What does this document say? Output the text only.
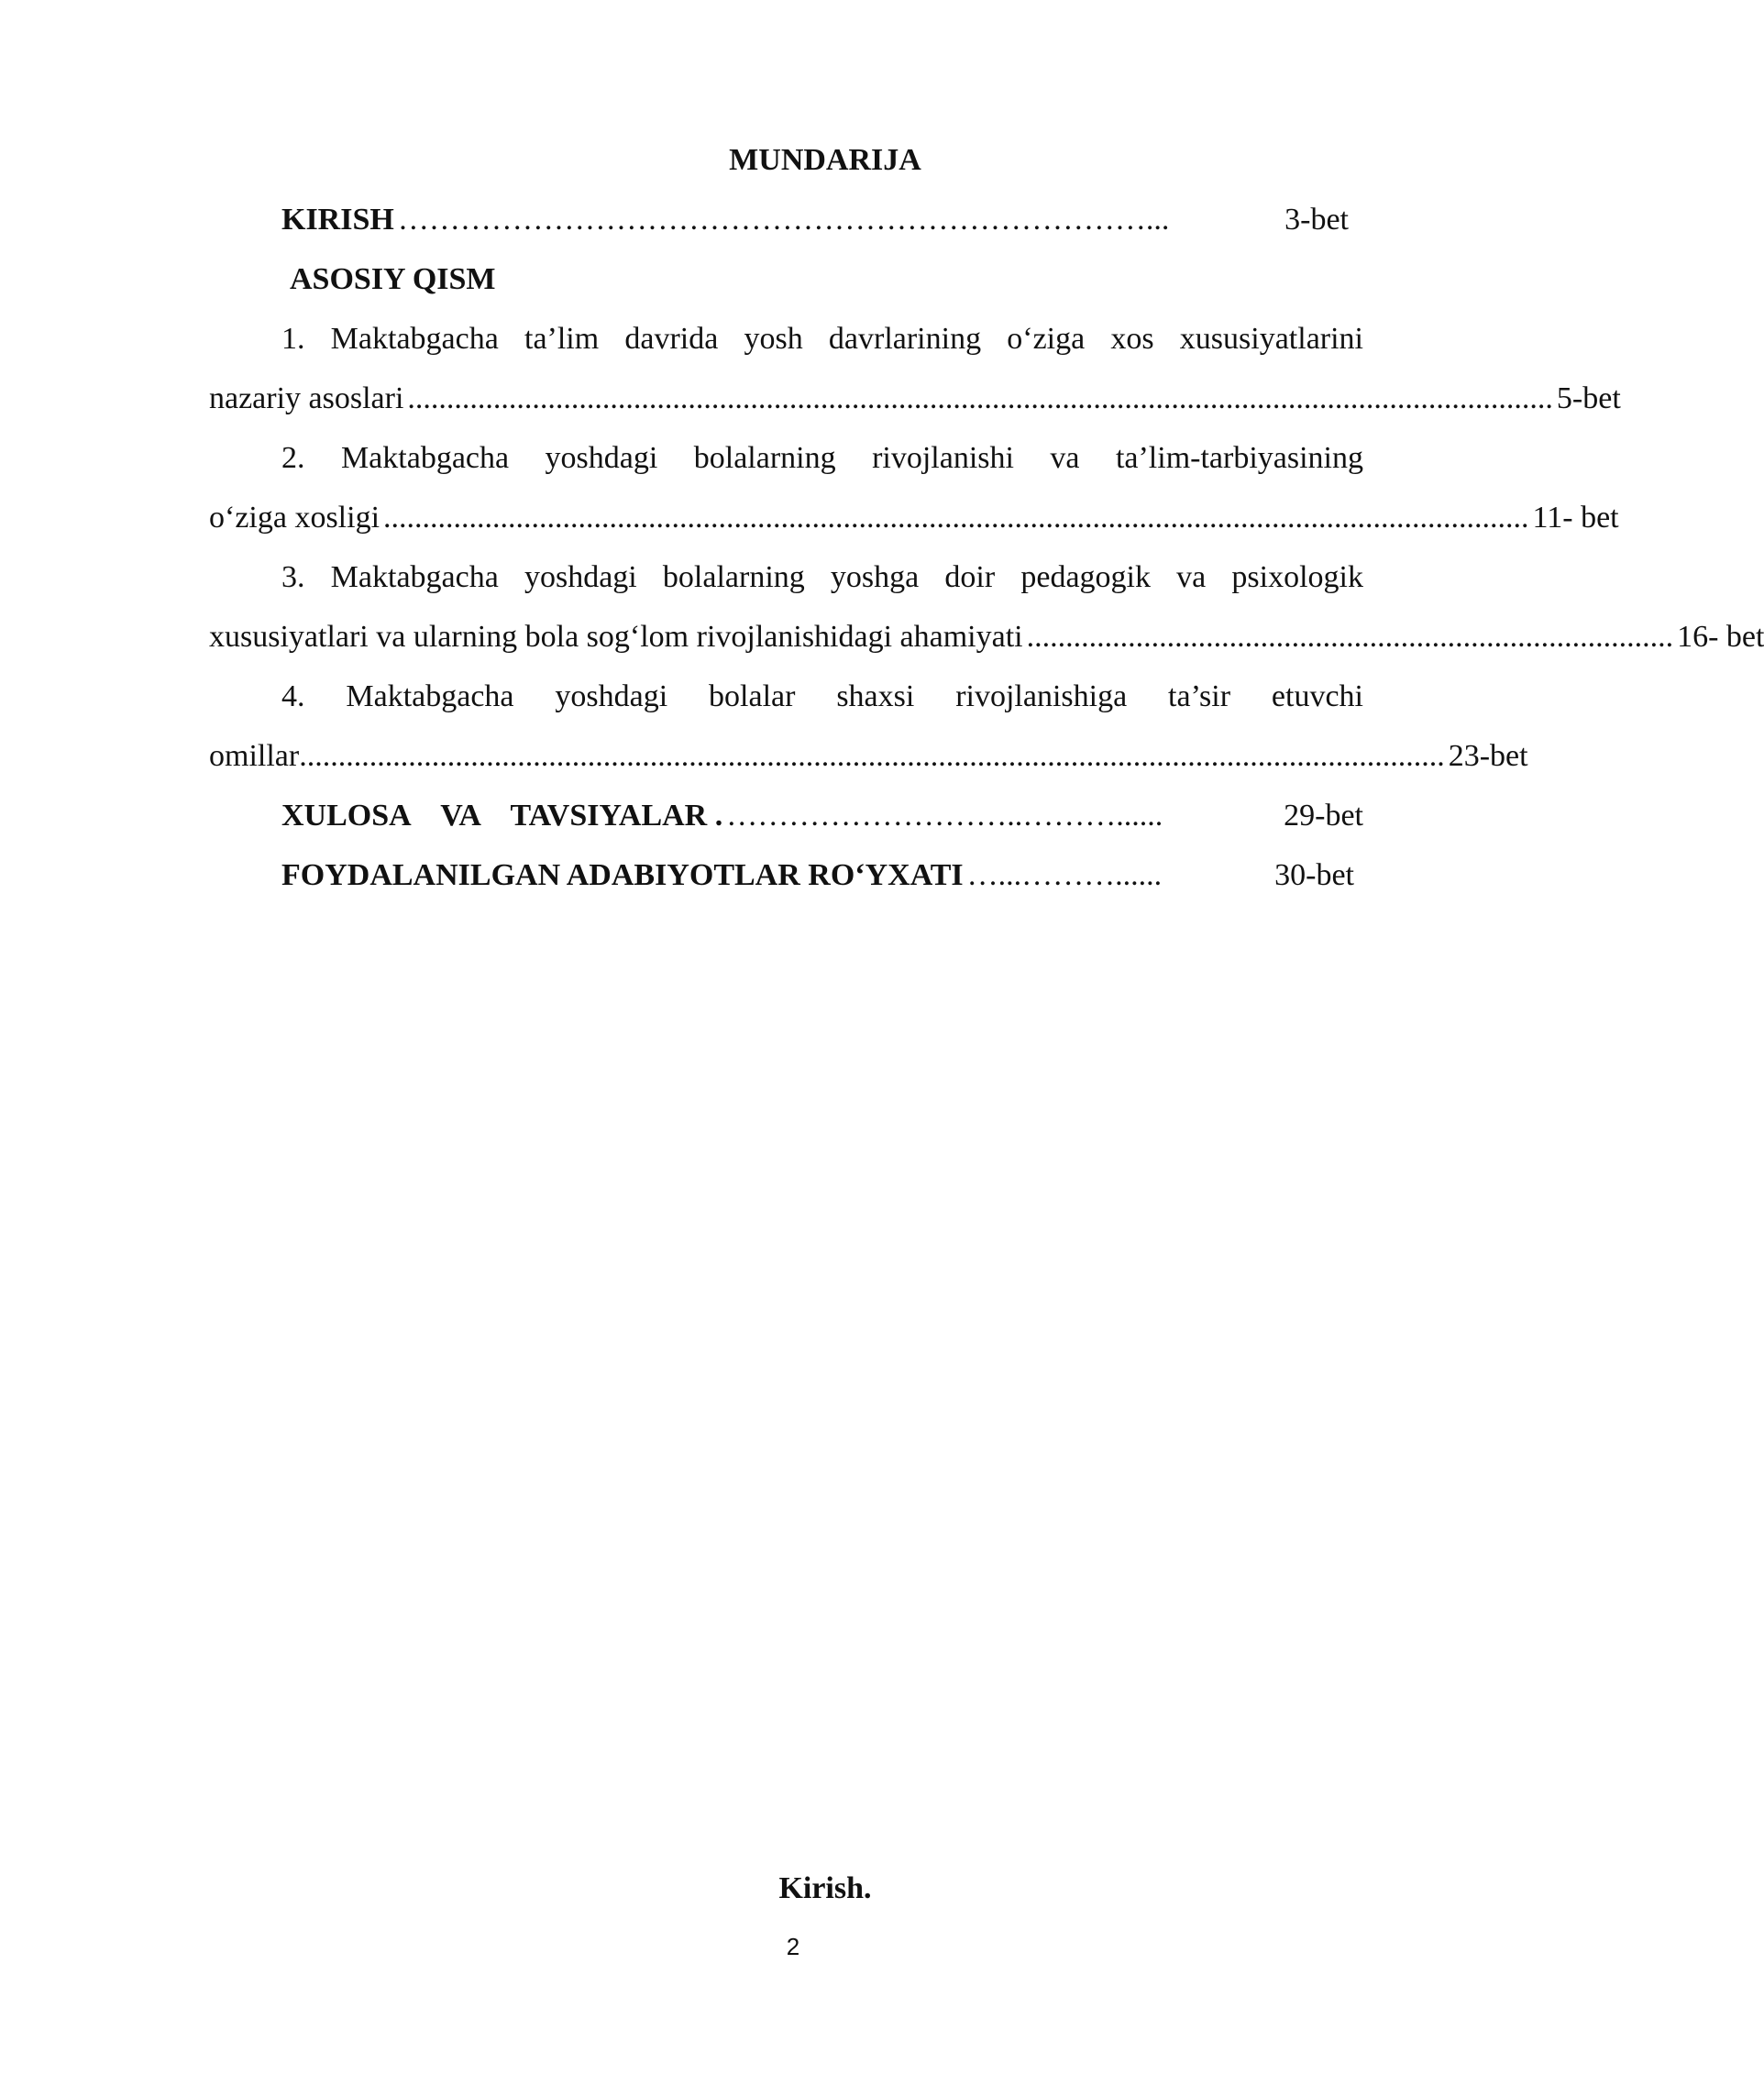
MUNDARIJA
KIRISH ………………………………………………………………...	3-bet
ASOSIY QISM
1. Maktabgacha ta’lim davrida yosh davrlarining o‘ziga xos xususiyatlarini
nazariy asoslari ................................................................................................................................................... 5-bet
2. Maktabgacha yoshdagi bolalarning rivojlanishi va ta’lim-tarbiyasining
o‘ziga xosligi ................................................................................................................................................... 11- bet
3. Maktabgacha yoshdagi bolalarning yoshga doir pedagogik va psixologik
xususiyatlari va ularning bola sog‘lom rivojlanishidagi ahamiyati ................................................................................... 16- bet
4. Maktabgacha yoshdagi bolalar shaxsi rivojlanishiga ta’sir etuvchi
omillar ................................................................................................................................................... 23-bet
XULOSA    VA    TAVSIYALAR . ………………………..………......	29-bet
FOYDALANILGAN ADABIYOTLAR RO‘YXATI …...………......	30-bet
Kirish.
2
